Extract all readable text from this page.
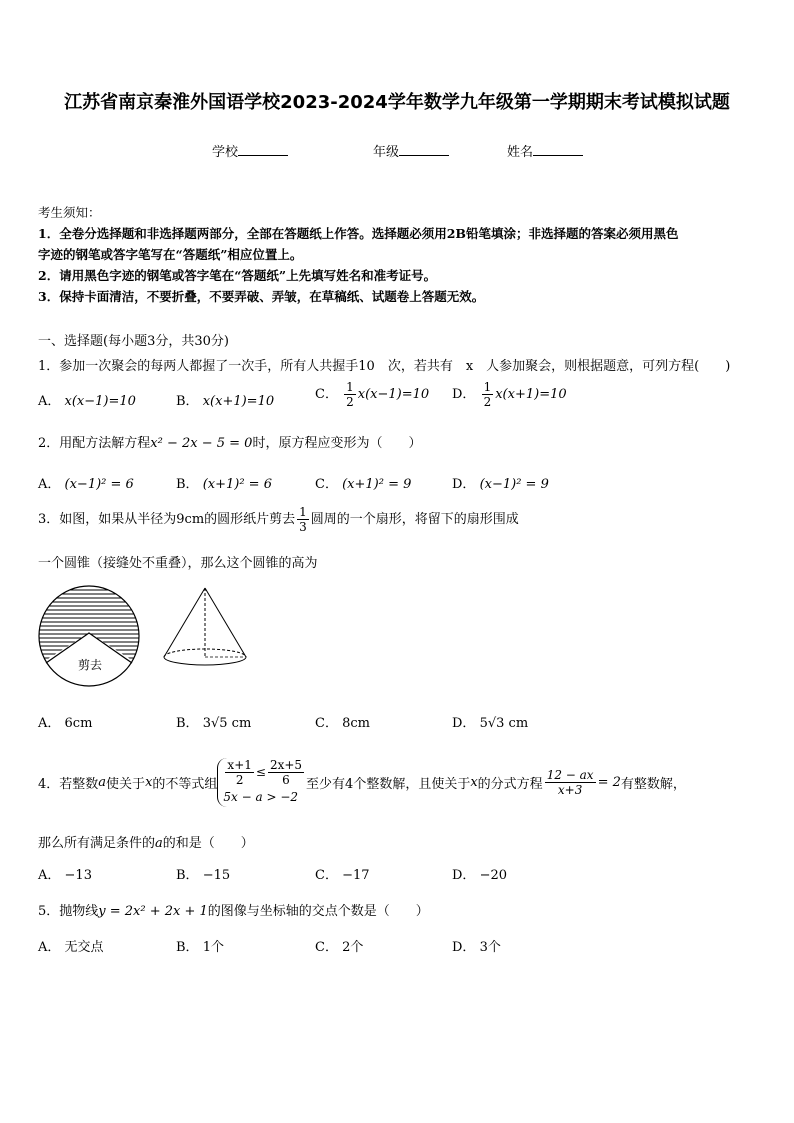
江苏省南京秦淮外国语学校2023-2024学年数学九年级第一学期期末考试模拟试题
学校	年级	姓名
考生须知：
1．全卷分选择题和非选择题两部分，全部在答题纸上作答。选择题必须用2B铅笔填涂；非选择题的答案必须用黑色
字迹的钢笔或答字笔写在“答题纸”相应位置上。
2．请用黑色字迹的钢笔或答字笔在“答题纸”上先填写姓名和准考证号。
3．保持卡面清洁，不要折叠，不要弄破、弄皱，在草稿纸、试题卷上答题无效。
一、选择题(每小题3分，共30分)
1．参加一次聚会的每两人都握了一次手，所有人共握手10　次，若共有　x　人参加聚会，则根据题意，可列方程(　　)
A． x(x−1)=10	B． x(x+1)=10	C． $\frac{1}{2} x(x-1)=10$ D． $\frac{1}{2} x(x+1)=10$
2．用配方法解方程x² − 2x − 5 = 0时，原方程应变形为（　　）
A． (x−1)² = 6	B． (x+1)² = 6	C． (x+1)² = 9	D． (x−1)² = 9
3．如图，如果从半径为9cm的圆形纸片剪去 $\frac{1}{3}$ 圆周的一个扇形，将留下的扇形围成
一个圆锥（接缝处不重叠），那么这个圆锥的高为
剪去
A． 6cm	B． 3√5 cm	C． 8cm	D． 5√3 cm
4．若整数 a 使关于 x 的不等式组 $\frac{x+1}{2} \le \frac{2x+5}{6}$
5x − a > −2
至少有4个整数解，且使关于 x 的分式方程 $\frac{12 - ax}{x+3} = 2$ 有整数解，
那么所有满足条件的a的和是（　　）
A． −13	B． −15	C． −17	D． −20
5．抛物线y = 2x² + 2x + 1的图像与坐标轴的交点个数是（　　）
A． 无交点	B． 1个	C． 2个	D． 3个
